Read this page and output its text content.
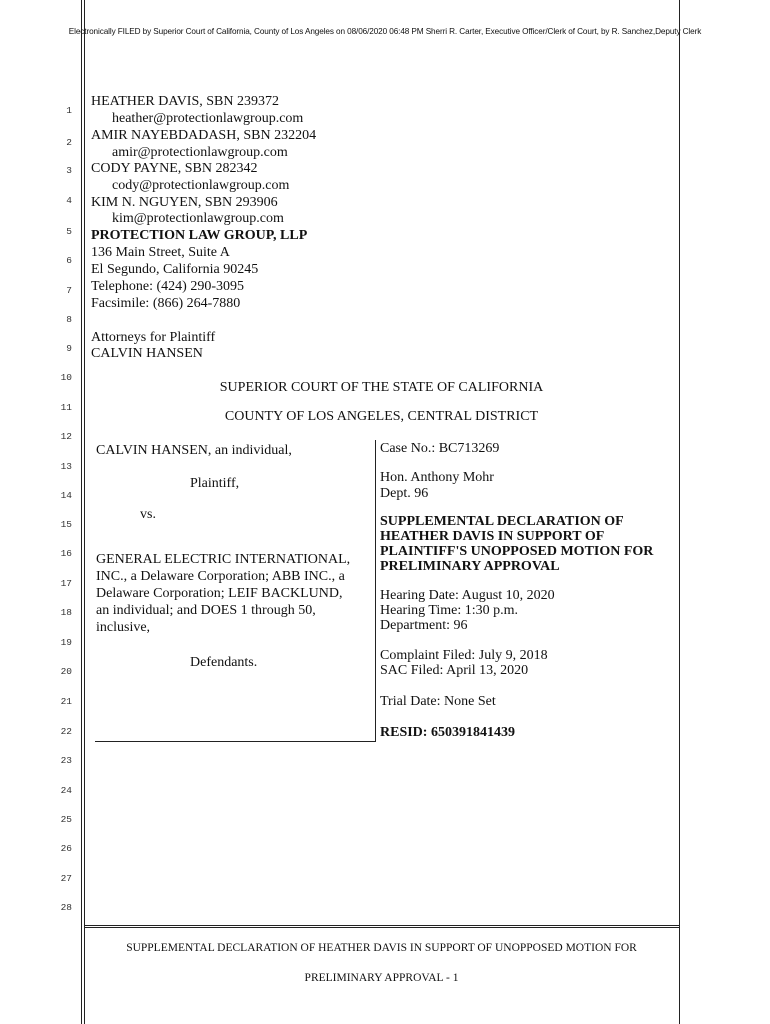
Electronically FILED by Superior Court of California, County of Los Angeles on 08/06/2020 06:48 PM Sherri R. Carter, Executive Officer/Clerk of Court, by R. Sanchez,Deputy Clerk
1
2
3
4
5
6
7
8
9
10
11
12
13
14
15
16
17
18
19
20
21
22
23
24
25
26
27
28
HEATHER DAVIS, SBN 239372
heather@protectionlawgroup.com
AMIR NAYEBDADASH, SBN 232204
amir@protectionlawgroup.com
CODY PAYNE, SBN 282342
cody@protectionlawgroup.com
KIM N. NGUYEN, SBN 293906
kim@protectionlawgroup.com
PROTECTION LAW GROUP, LLP
136 Main Street, Suite A
El Segundo, California 90245
Telephone: (424) 290-3095
Facsimile: (866) 264-7880
Attorneys for Plaintiff
CALVIN HANSEN
SUPERIOR COURT OF THE STATE OF CALIFORNIA
COUNTY OF LOS ANGELES, CENTRAL DISTRICT
CALVIN HANSEN, an individual,
Plaintiff,
vs.
GENERAL ELECTRIC INTERNATIONAL,
INC., a Delaware Corporation; ABB INC., a
Delaware Corporation; LEIF BACKLUND,
an individual; and DOES 1 through 50,
inclusive,
Defendants.
Case No.: BC713269
Hon. Anthony Mohr
Dept. 96
SUPPLEMENTAL DECLARATION OF
HEATHER DAVIS IN SUPPORT OF
PLAINTIFF'S UNOPPOSED MOTION FOR
PRELIMINARY APPROVAL
Hearing Date: August 10, 2020
Hearing Time: 1:30 p.m.
Department: 96
Complaint Filed: July 9, 2018
SAC Filed: April 13, 2020
Trial Date: None Set
RESID: 650391841439
SUPPLEMENTAL DECLARATION OF HEATHER DAVIS IN SUPPORT OF UNOPPOSED MOTION FOR
PRELIMINARY APPROVAL - 1
